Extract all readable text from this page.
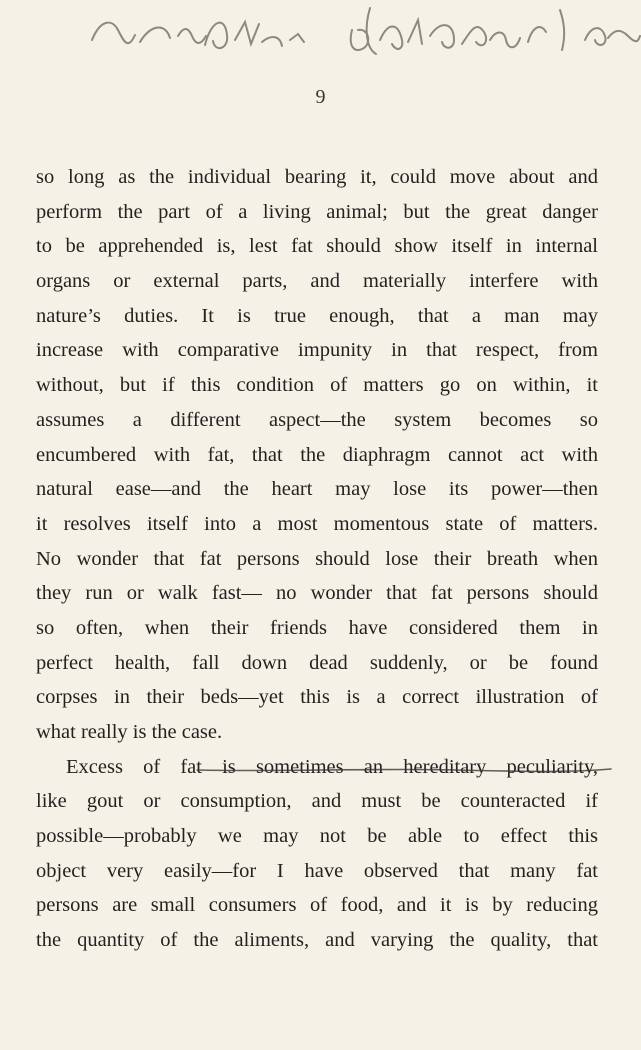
9
so long as the individual bearing it, could move about and
perform the part of a living animal; but the great danger
to be apprehended is, lest fat should show itself in internal
organs or external parts, and materially interfere with
nature’s duties. It is true enough, that a man may
increase with comparative impunity in that respect, from
without, but if this condition of matters go on within, it
assumes a different aspect—the system becomes so
encumbered with fat, that the diaphragm cannot act with
natural ease—and the heart may lose its power—then
it resolves itself into a most momentous state of matters.
No wonder that fat persons should lose their breath when
they run or walk fast— no wonder that fat persons should
so often, when their friends have considered them in
perfect health, fall down dead suddenly, or be found
corpses in their beds—yet this is a correct illustration of
what really is the case.
Excess of fat is sometimes an hereditary peculiarity,
like gout or consumption, and must be counteracted if
possible—probably we may not be able to effect this
object very easily—for I have observed that many fat
persons are small consumers of food, and it is by reducing
the quantity of the aliments, and varying the quality, that
